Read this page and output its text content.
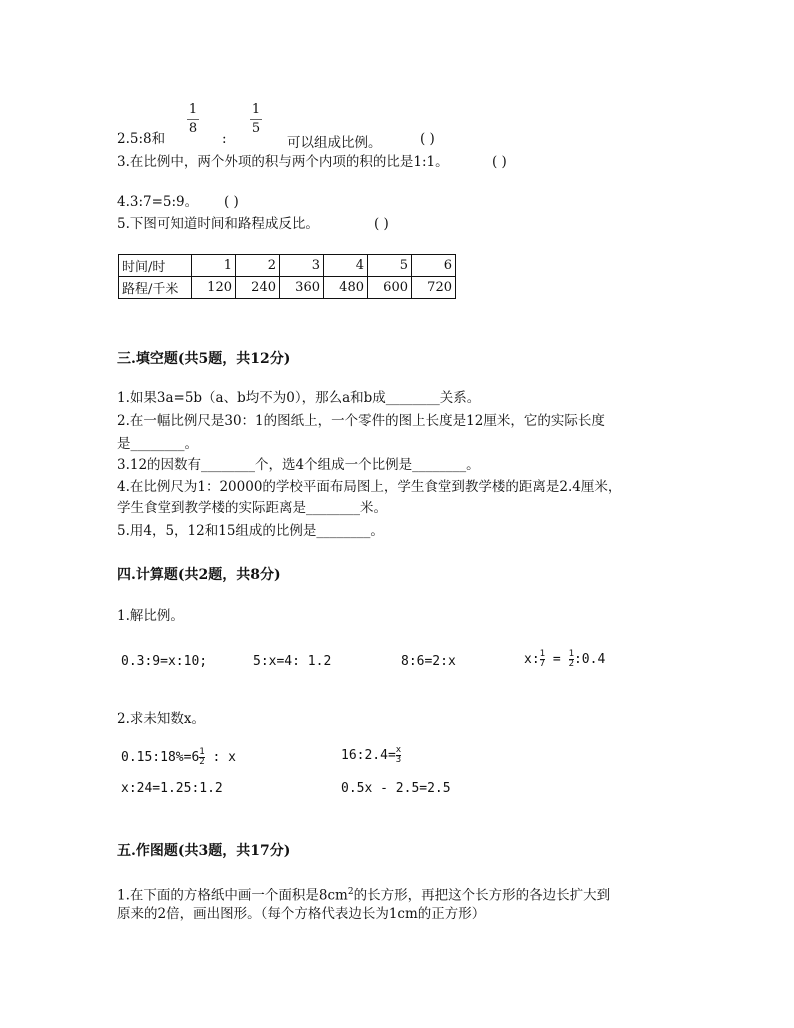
1
8
1
5
2.5:8和	:	可以组成比例。	( )
3.在比例中，两个外项的积与两个内项的积的比是1:1。	( )
4.3:7=5:9。 ( )
5.下图可知道时间和路程成反比。	( )
时间/时	1	2	3	4	5	6
路程/千米	120	240	360	480	600	720
三.填空题(共5题，共12分)
1.如果3a=5b（a、b均不为0），那么a和b成________关系。
2.在一幅比例尺是30：1的图纸上，一个零件的图上长度是12厘米，它的实际长度
是________。
3.12的因数有________个，选4个组成一个比例是________。
4.在比例尺为1：20000的学校平面布局图上，学生食堂到教学楼的距离是2.4厘米，
学生食堂到教学楼的实际距离是________米。
5.用4，5，12和15组成的比例是________。
四.计算题(共2题，共8分)
1.解比例。
0.3:9=x:10;	5:x=4: 1.2	8:6=2:x	x: $\frac{1}{7} = \frac{1}{2}$ :0.4
2.求未知数x。
0.15:18%=6 $\frac{1}{2}$ : x	16:2.4= $\frac{x}{3}$
x:24=1.25:1.2	0.5x - 2.5=2.5
五.作图题(共3题，共17分)
1.在下面的方格纸中画一个面积是$8cm^2$的长方形，再把这个长方形的各边长扩大到
原来的2倍，画出图形。（每个方格代表边长为1cm的正方形）
